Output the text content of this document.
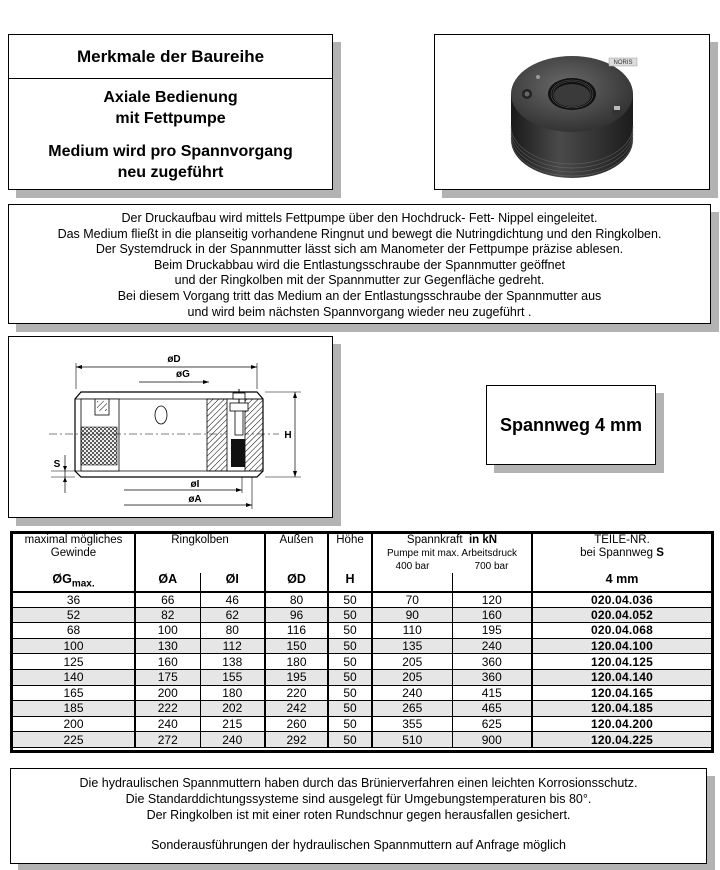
Merkmale der Baureihe

Axiale Bedienung
mit Fettpumpe

Medium wird pro Spannvorgang
neu zugeführt

NORIS
Der Druckaufbau wird mittels Fettpumpe über den Hochdruck- Fett- Nippel eingeleitet.
Das Medium fließt in die planseitig vorhandene Ringnut und bewegt die Nutringdichtung und den Ringkolben.
Der Systemdruck in der Spannmutter lässt sich am Manometer der Fettpumpe präzise ablesen.
Beim Druckabbau wird die Entlastungsschraube der Spannmutter geöffnet
und der Ringkolben mit der Spannmutter zur Gegenfläche gedreht.
Bei diesem Vorgang tritt das Medium an der Entlastungsschraube der Spannmutter aus
und wird beim nächsten Spannvorgang wieder neu zugeführt .
øD
øG
H
S
øI
øA
Spannweg 4 mm
maximal mögliches Gewinde	Ringkolben		Außen	Höhe	Spannkraft in kN
Pumpe mit max. Arbeitsdruck
400 bar 700 bar		TEILE-NR.
bei Spannweg S
$ØG_{max.}$	ØA	ØI	ØD	H			4 mm
36	66	46	80	50	70	120	020.04.036
52	82	62	96	50	90	160	020.04.052
68	100	80	116	50	110	195	020.04.068
100	130	112	150	50	135	240	120.04.100
125	160	138	180	50	205	360	120.04.125
140	175	155	195	50	205	360	120.04.140
165	200	180	220	50	240	415	120.04.165
185	222	202	242	50	265	465	120.04.185
200	240	215	260	50	355	625	120.04.200
225	272	240	292	50	510	900	120.04.225
Die hydraulischen Spannmuttern haben durch das Brünierverfahren einen leichten Korrosionsschutz.
Die Standarddichtungssysteme sind ausgelegt für Umgebungstemperaturen bis 80°.
Der Ringkolben ist mit einer roten Rundschnur gegen herausfallen gesichert.
Sonderausführungen der hydraulischen Spannmuttern auf Anfrage möglich
